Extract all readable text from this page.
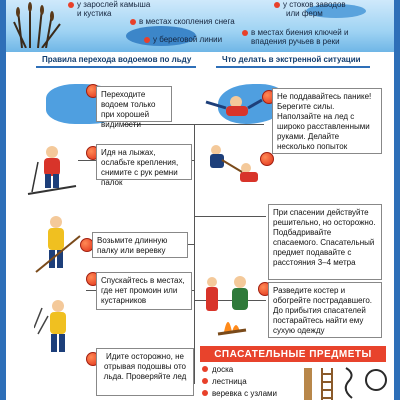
у зарослей камыша
и кустика
в местах скопления снега
у стоков заводов
или ферм
у береговой линии
в местах биения ключей и
впадения ручьев в реки
Правила перехода водоемов по льду	Что делать в экстренной ситуации
Переходите водоем только при хорошей видимости
Идя на лыжах, ослабьте крепления, снимите с рук ремни палок
Возьмите длинную палку или веревку
Спускайтесь в местах, где нет промоин или кустарников
Идите осторожно, не отрывая подошвы ото льда. Проверяйте лед
Не поддавайтесь панике! Берегите силы. Наползайте на лед с широко расставленными руками. Делайте несколько попыток
При спасении действуйте решительно, но осторожно. Подбадривайте спасаемого. Спасательный предмет подавайте с расстояния 3–4 метра
Разведите костер и обогрейте пострадавшего. До прибытия спасателей постарайтесь найти ему сухую одежду
СПАСАТЕЛЬНЫЕ ПРЕДМЕТЫ
доска
лестница
веревка с узлами
